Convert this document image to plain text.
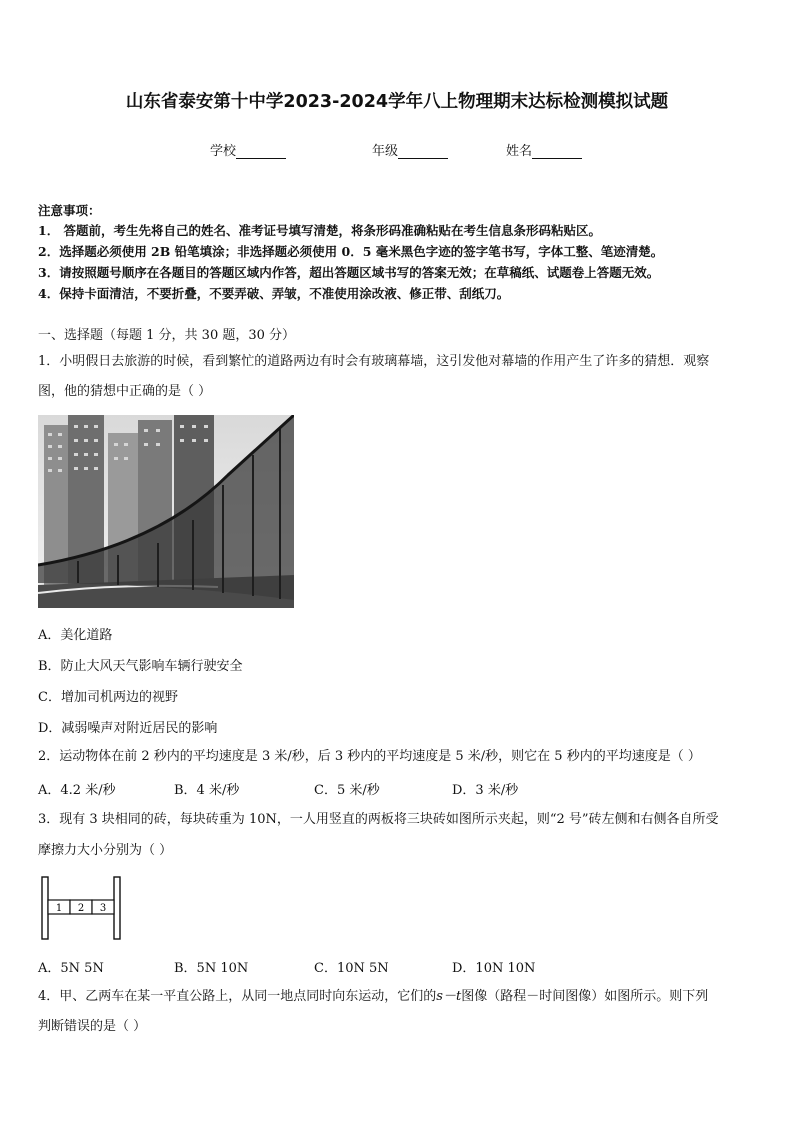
山东省泰安第十中学2023-2024学年八上物理期末达标检测模拟试题
学校	年级	姓名
注意事项：
1． 答题前，考生先将自己的姓名、准考证号填写清楚，将条形码准确粘贴在考生信息条形码粘贴区。
2．选择题必须使用 2B 铅笔填涂；非选择题必须使用 0．5 毫米黑色字迹的签字笔书写，字体工整、笔迹清楚。
3．请按照题号顺序在各题目的答题区域内作答，超出答题区域书写的答案无效；在草稿纸、试题卷上答题无效。
4．保持卡面清洁，不要折叠，不要弄破、弄皱，不准使用涂改液、修正带、刮纸刀。
一、选择题（每题 1 分，共 30 题，30 分）
1．小明假日去旅游的时候，看到繁忙的道路两边有时会有玻璃幕墙，这引发他对幕墙的作用产生了许多的猜想．观察
图，他的猜想中正确的是（ ）
A．美化道路
B．防止大风天气影响车辆行驶安全
C．增加司机两边的视野
D．减弱噪声对附近居民的影响
2．运动物体在前 2 秒内的平均速度是 3 米/秒，后 3 秒内的平均速度是 5 米/秒，则它在 5 秒内的平均速度是（ ）
A．4.2 米/秒	B．4 米/秒	C．5 米/秒	D．3 米/秒
3．现有 3 块相同的砖，每块砖重为 10N，一人用竖直的两板将三块砖如图所示夹起，则“2 号”砖左侧和右侧各自所受
摩擦力大小分别为（ ）
1 2 3
A．5N 5N	B．5N 10N	C．10N 5N	D．10N 10N
4．甲、乙两车在某一平直公路上，从同一地点同时向东运动，它们的s－t图像（路程－时间图像）如图所示。则下列
判断错误的是（ ）
